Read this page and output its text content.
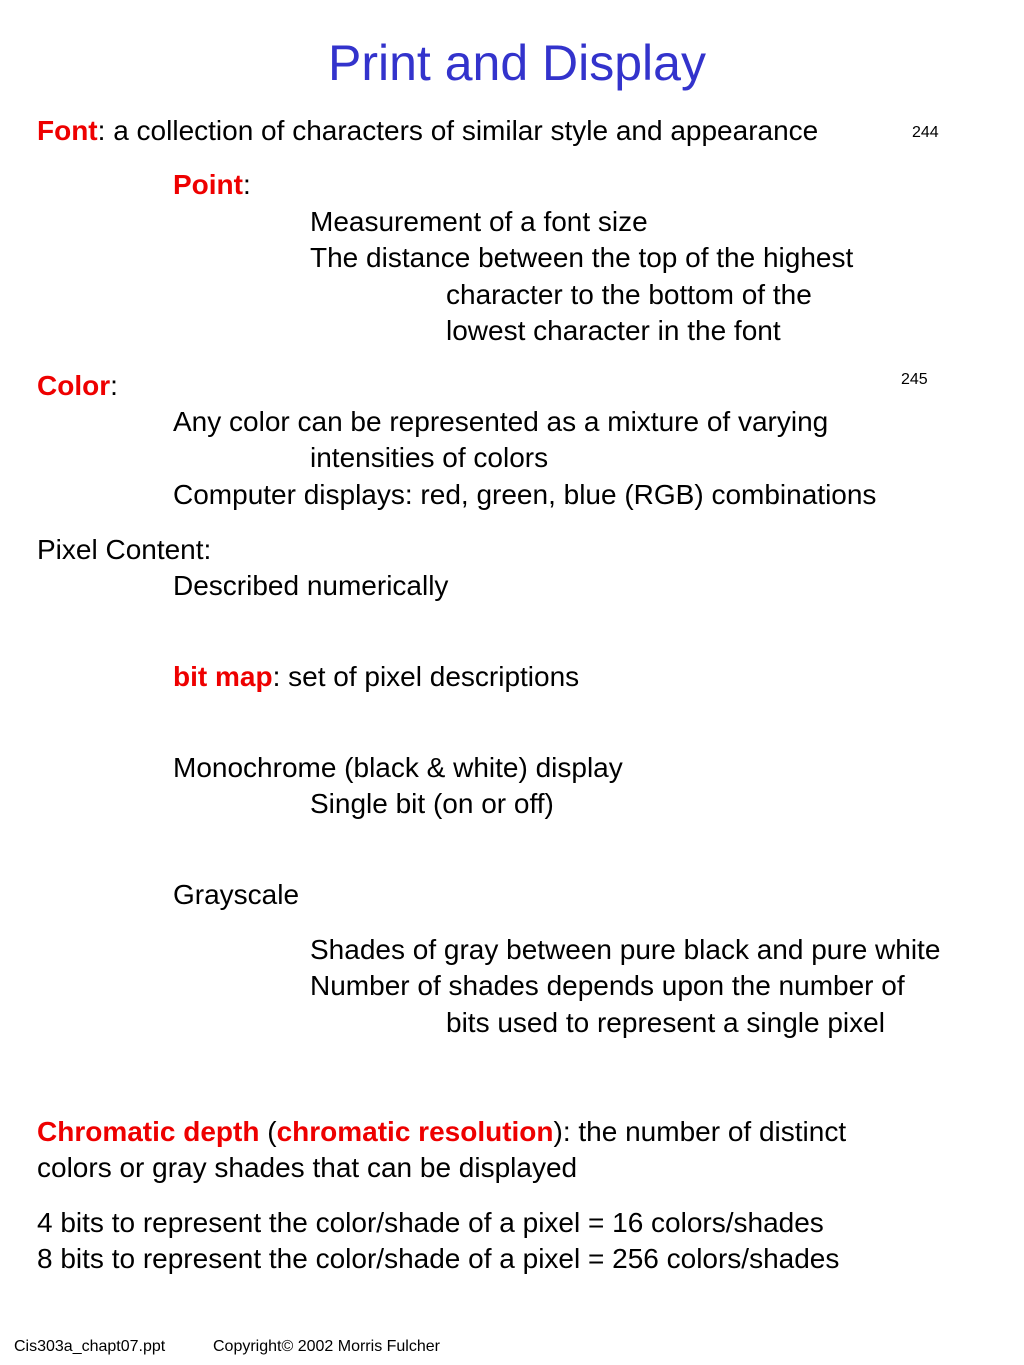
Print and Display
Font: a collection of characters of similar style and appearance	244
Point:
Measurement of a font size
The distance between the top of the highest
character to the bottom of the
lowest character in the font
Color:	245
Any color can be represented as a mixture of varying
intensities of colors
Computer displays: red, green, blue (RGB) combinations
Pixel Content:
Described numerically
bit map: set of pixel descriptions
Monochrome (black & white) display
Single bit (on or off)
Grayscale
Shades of gray between pure black and pure white
Number of shades depends upon the number of
bits used to represent a single pixel
Chromatic depth (chromatic resolution): the number of distinct
colors or gray shades that can be displayed
4 bits to represent the color/shade of a pixel = 16 colors/shades
8 bits to represent the color/shade of a pixel = 256 colors/shades
Cis303a_chapt07.ppt	Copyright© 2002 Morris Fulcher
